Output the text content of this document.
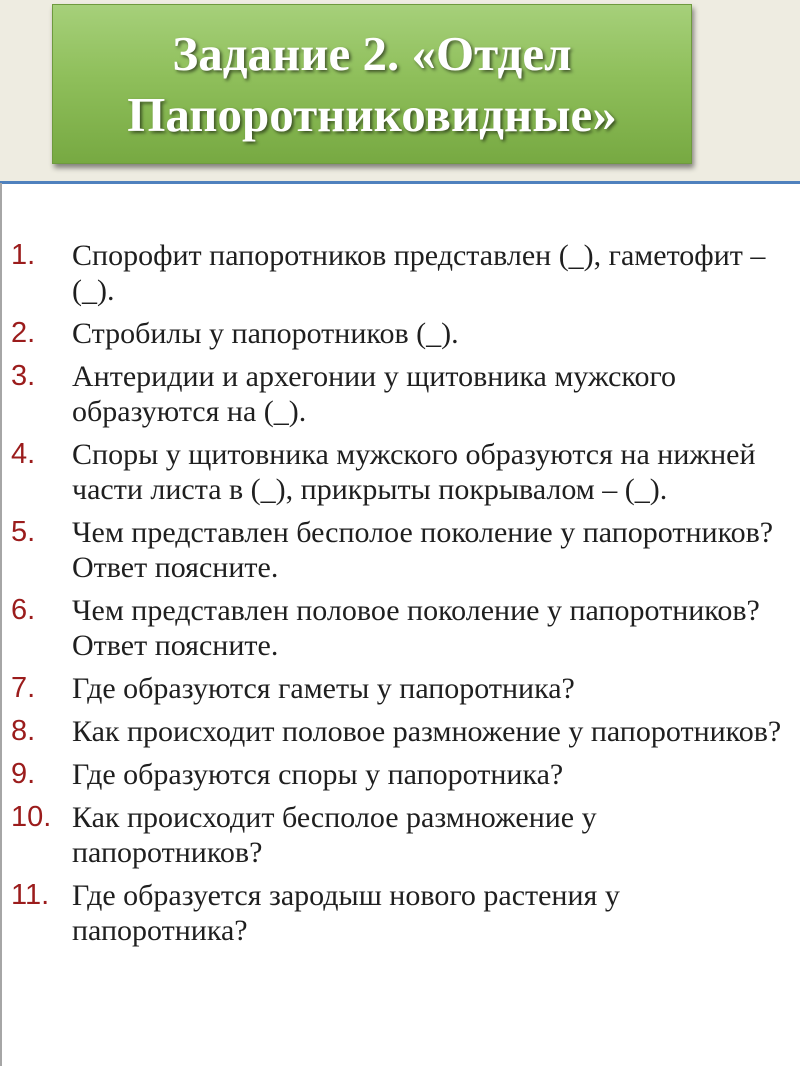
Задание 2. «Отдел
Папоротниковидные»
1.	Спорофит папоротников представлен (_), гаметофит – (_).
2.	Стробилы у папоротников (_).
3.	Антеридии и архегонии у щитовника мужского образуются на (_).
4.	Споры у щитовника мужского образуются на нижней части листа в (_), прикрыты покрывалом – (_).
5.	Чем представлен бесполое поколение у папоротников? Ответ поясните.
6.	Чем представлен половое поколение у папоротников? Ответ поясните.
7.	Где образуются гаметы у папоротника?
8.	Как происходит половое размножение у папоротников?
9.	Где образуются споры у папоротника?
10. Как происходит бесполое размножение у папоротников?
11. Где образуется зародыш нового растения у папоротника?
